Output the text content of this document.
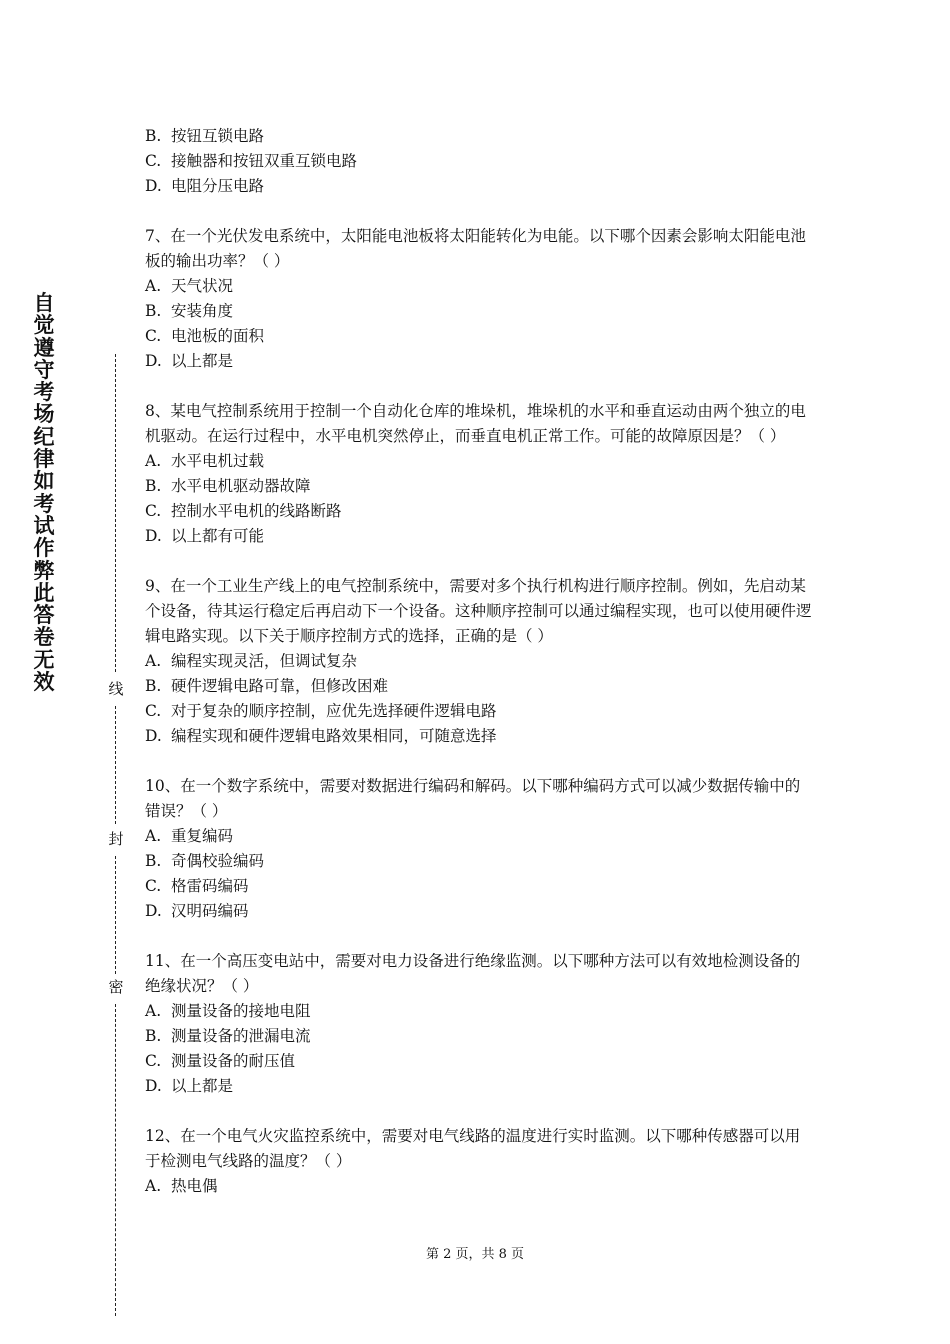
自觉遵守考场纪律如考试作弊此答卷无效	线
封
密
B. 按钮互锁电路
C. 接触器和按钮双重互锁电路
D. 电阻分压电路

7、在一个光伏发电系统中，太阳能电池板将太阳能转化为电能。以下哪个因素会影响太阳能电池板的输出功率？（ ）

A. 天气状况
B. 安装角度
C. 电池板的面积
D. 以上都是

8、某电气控制系统用于控制一个自动化仓库的堆垛机，堆垛机的水平和垂直运动由两个独立的电机驱动。在运行过程中，水平电机突然停止，而垂直电机正常工作。可能的故障原因是？（ ）

A. 水平电机过载
B. 水平电机驱动器故障
C. 控制水平电机的线路断路
D. 以上都有可能

9、在一个工业生产线上的电气控制系统中，需要对多个执行机构进行顺序控制。例如，先启动某个设备，待其运行稳定后再启动下一个设备。这种顺序控制可以通过编程实现，也可以使用硬件逻辑电路实现。以下关于顺序控制方式的选择，正确的是（ ）

A. 编程实现灵活，但调试复杂
B. 硬件逻辑电路可靠，但修改困难
C. 对于复杂的顺序控制，应优先选择硬件逻辑电路
D. 编程实现和硬件逻辑电路效果相同，可随意选择

10、在一个数字系统中，需要对数据进行编码和解码。以下哪种编码方式可以减少数据传输中的错误？（ ）

A. 重复编码
B. 奇偶校验编码
C. 格雷码编码
D. 汉明码编码

11、在一个高压变电站中，需要对电力设备进行绝缘监测。以下哪种方法可以有效地检测设备的绝缘状况？（ ）

A. 测量设备的接地电阻
B. 测量设备的泄漏电流
C. 测量设备的耐压值
D. 以上都是

12、在一个电气火灾监控系统中，需要对电气线路的温度进行实时监测。以下哪种传感器可以用于检测电气线路的温度？（ ）

A. 热电偶
第 2 页，共 8 页
